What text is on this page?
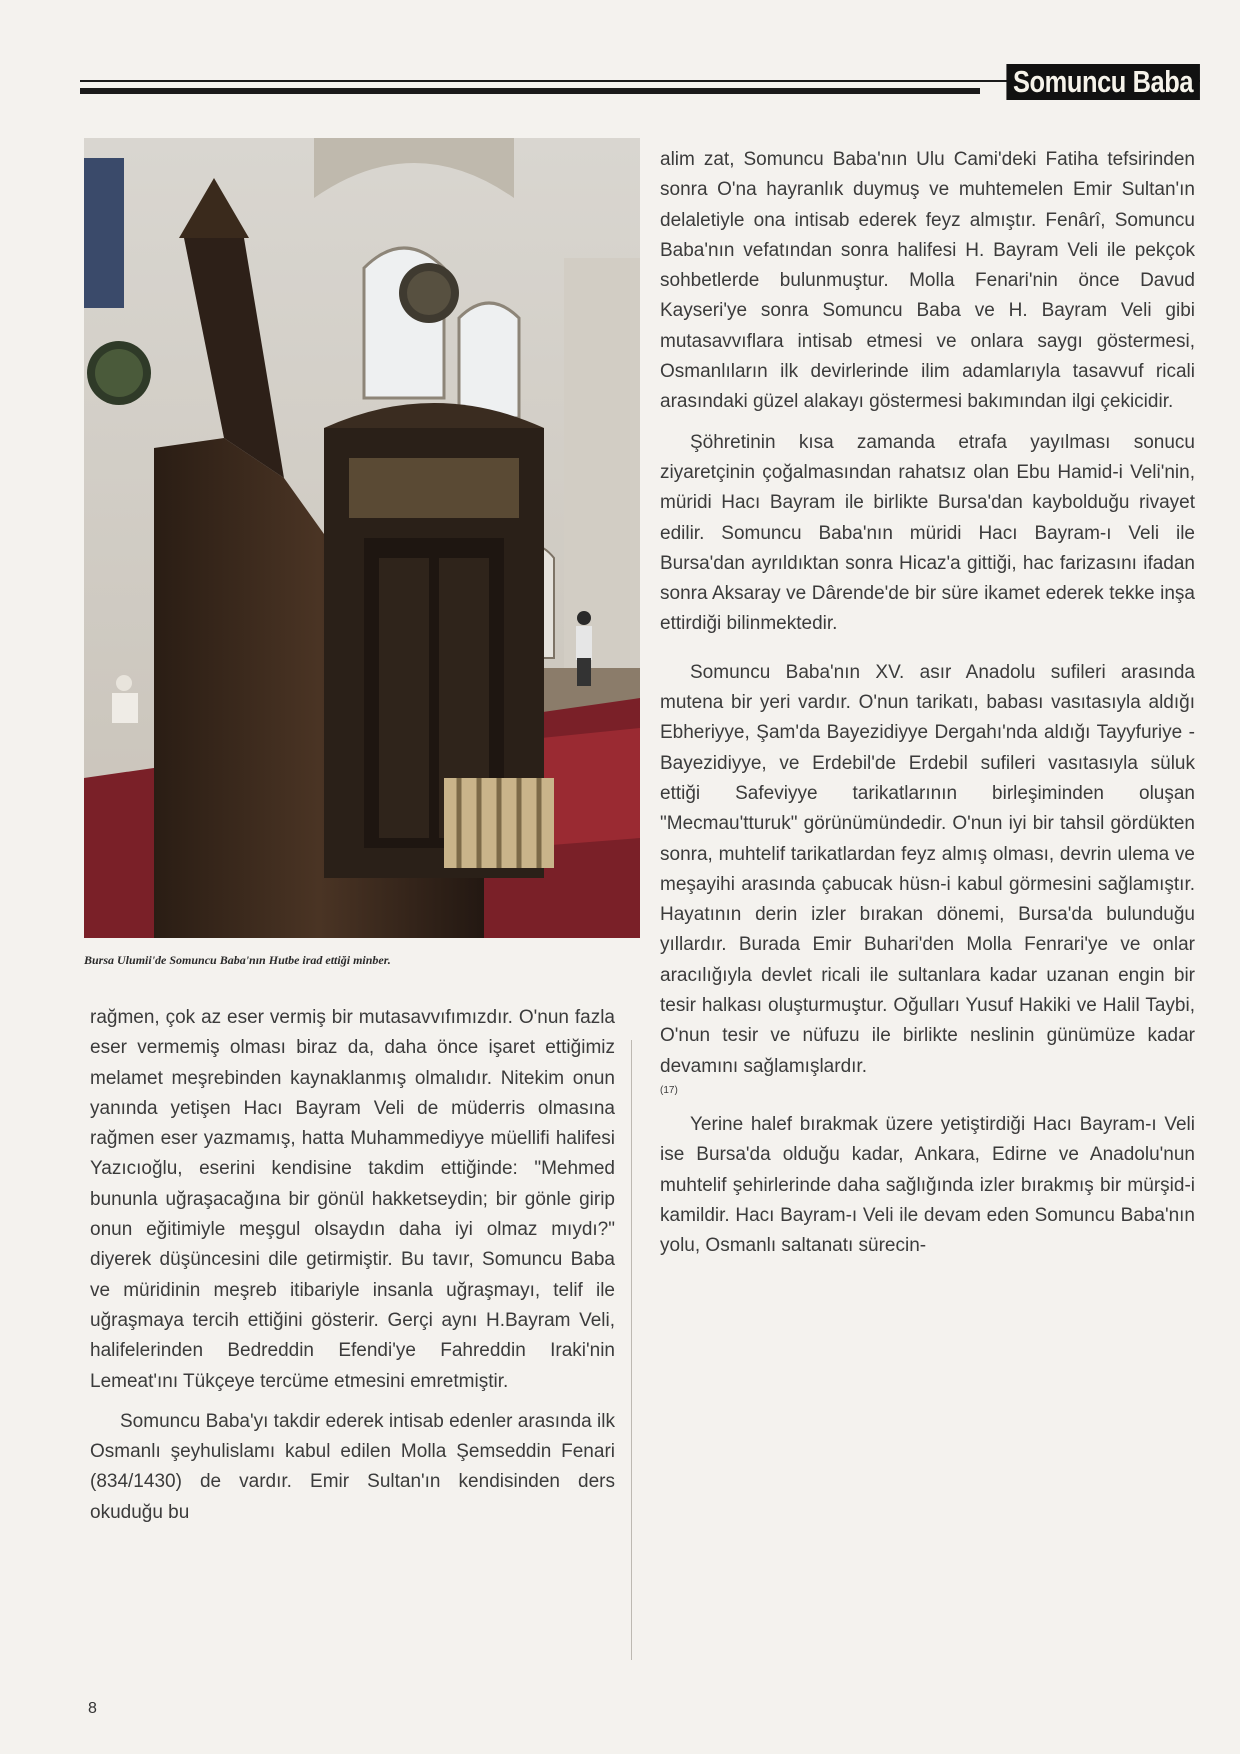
Somuncu Baba
Bursa Ulumii'de Somuncu Baba'nın Hutbe irad ettiği minber.

rağmen, çok az eser vermiş bir mutasavvıfımızdır. O'nun fazla eser vermemiş olması biraz da, daha önce işaret ettiğimiz melamet meşrebinden kaynaklanmış olmalıdır. Nitekim onun yanında yetişen Hacı Bayram Veli de müderris olmasına rağmen eser yazmamış, hatta Muhammediyye müellifi halifesi Yazıcıoğlu, eserini kendisine takdim ettiğinde: "Mehmed bununla uğraşacağına bir gönül hakketseydin; bir gönle girip onun eğitimiyle meşgul olsaydın daha iyi olmaz mıydı?" diyerek düşüncesini dile getirmiştir. Bu tavır, Somuncu Baba ve müridinin meşreb itibariyle insanla uğraşmayı, telif ile uğraşmaya tercih ettiğini gösterir. Gerçi aynı H.Bayram Veli, halifelerinden Bedreddin Efendi'ye Fahreddin Iraki'nin Lemeat'ını Tükçeye tercüme etmesini emretmiştir.

Somuncu Baba'yı takdir ederek intisab edenler arasında ilk Osmanlı şeyhulislamı kabul edilen Molla Şemseddin Fenari (834/1430) de vardır. Emir Sultan'ın kendisinden ders okuduğu bu

alim zat, Somuncu Baba'nın Ulu Cami'deki Fatiha tefsirinden sonra O'na hayranlık duymuş ve muhtemelen Emir Sultan'ın delaletiyle ona intisab ederek feyz almıştır. Fenârî, Somuncu Baba'nın vefatından sonra halifesi H. Bayram Veli ile pekçok sohbetlerde bulunmuştur. Molla Fenari'nin önce Davud Kayseri'ye sonra Somuncu Baba ve H. Bayram Veli gibi mutasavvıflara intisab etmesi ve onlara saygı göstermesi, Osmanlıların ilk devirlerinde ilim adamlarıyla tasavvuf ricali arasındaki güzel alakayı göstermesi bakımından ilgi çekicidir.

Şöhretinin kısa zamanda etrafa yayılması sonucu ziyaretçinin çoğalmasından rahatsız olan Ebu Hamid-i Veli'nin, müridi Hacı Bayram ile birlikte Bursa'dan kaybolduğu rivayet edilir. Somuncu Baba'nın müridi Hacı Bayram-ı Veli ile Bursa'dan ayrıldıktan sonra Hicaz'a gittiği, hac farizasını ifadan sonra Aksaray ve Dârende'de bir süre ikamet ederek tekke inşa ettirdiği bilinmektedir.

Somuncu Baba'nın XV. asır Anadolu sufileri arasında mutena bir yeri vardır. O'nun tarikatı, babası vasıtasıyla aldığı Ebheriyye, Şam'da Bayezidiyye Dergahı'nda aldığı Tayyfuriye - Bayezidiyye, ve Erdebil'de Erdebil sufileri vasıtasıyla süluk ettiği Safeviyye tarikatlarının birleşiminden oluşan "Mecmau'tturuk" görünümündedir. O'nun iyi bir tahsil gördükten sonra, muhtelif tarikatlardan feyz almış olması, devrin ulema ve meşayihi arasında çabucak hüsn-i kabul görmesini sağlamıştır. Hayatının derin izler bırakan dönemi, Bursa'da bulunduğu yıllardır. Burada Emir Buhari'den Molla Fenrari'ye ve onlar aracılığıyla devlet ricali ile sultanlara kadar uzanan engin bir tesir halkası oluşturmuştur. Oğulları Yusuf Hakiki ve Halil Taybi, O'nun tesir ve nüfuzu ile birlikte neslinin günümüze kadar devamını sağlamışlardır.

(17)

Yerine halef bırakmak üzere yetiştirdiği Hacı Bayram-ı Veli ise Bursa'da olduğu kadar, Ankara, Edirne ve Anadolu'nun muhtelif şehirlerinde daha sağlığında izler bırakmış bir mürşid-i kamildir. Hacı Bayram-ı Veli ile devam eden Somuncu Baba'nın yolu, Osmanlı saltanatı sürecin-

8
